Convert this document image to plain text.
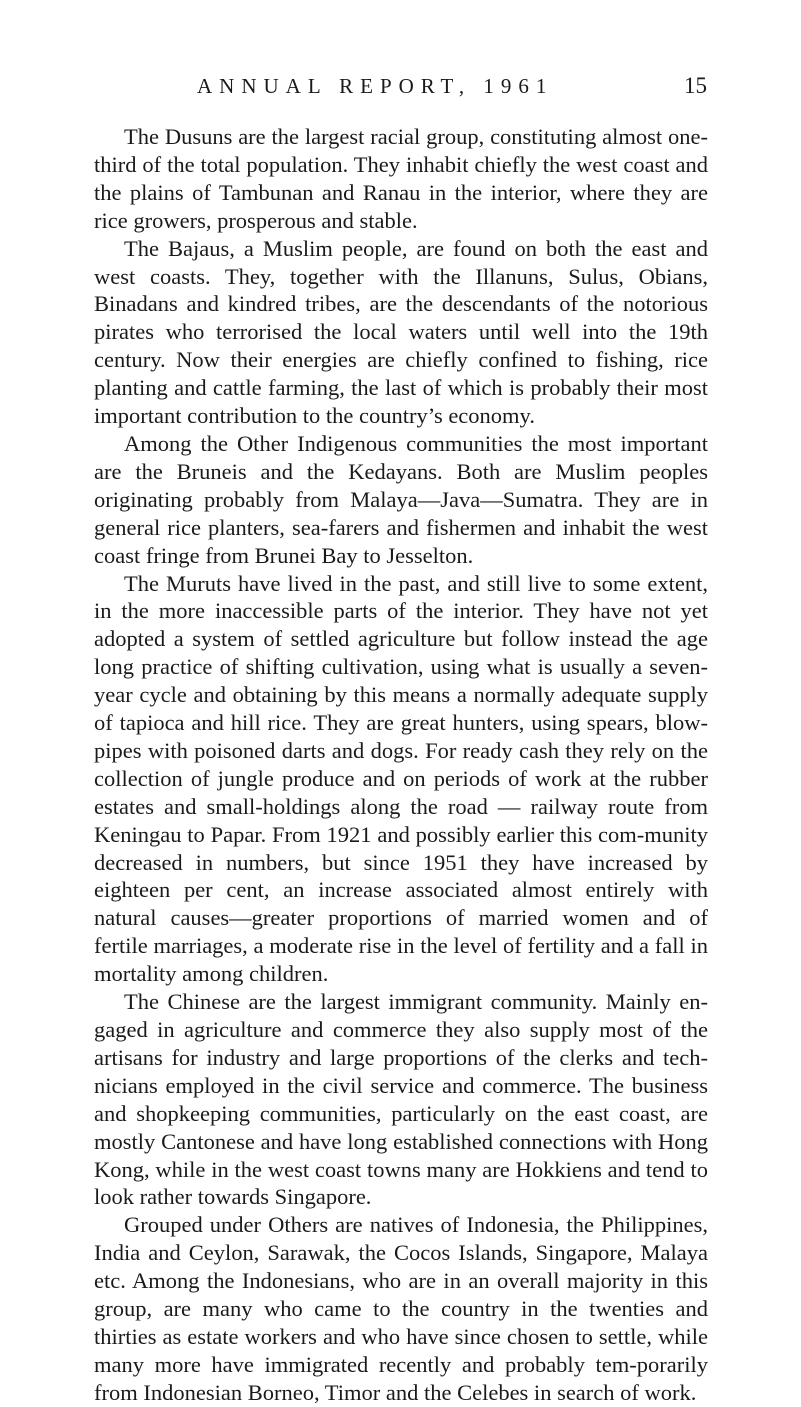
ANNUAL REPORT, 1961	15

The Dusuns are the largest racial group, constituting almost one-third of the total population. They inhabit chiefly the west coast and the plains of Tambunan and Ranau in the interior, where they are rice growers, prosperous and stable.

The Bajaus, a Muslim people, are found on both the east and west coasts. They, together with the Illanuns, Sulus, Obians, Binadans and kindred tribes, are the descendants of the notorious pirates who terrorised the local waters until well into the 19th century. Now their energies are chiefly confined to fishing, rice planting and cattle farming, the last of which is probably their most important contribution to the country’s economy.

Among the Other Indigenous communities the most important are the Bruneis and the Kedayans. Both are Muslim peoples originating probably from Malaya—Java—Sumatra. They are in general rice planters, sea-farers and fishermen and inhabit the west coast fringe from Brunei Bay to Jesselton.

The Muruts have lived in the past, and still live to some extent, in the more inaccessible parts of the interior. They have not yet adopted a system of settled agriculture but follow instead the age long practice of shifting cultivation, using what is usually a seven-year cycle and obtaining by this means a normally adequate supply of tapioca and hill rice. They are great hunters, using spears, blow-pipes with poisoned darts and dogs. For ready cash they rely on the collection of jungle produce and on periods of work at the rubber estates and small-holdings along the road — railway route from Keningau to Papar. From 1921 and possibly earlier this com-munity decreased in numbers, but since 1951 they have increased by eighteen per cent, an increase associated almost entirely with natural causes—greater proportions of married women and of fertile marriages, a moderate rise in the level of fertility and a fall in mortality among children.

The Chinese are the largest immigrant community. Mainly en-gaged in agriculture and commerce they also supply most of the artisans for industry and large proportions of the clerks and tech-nicians employed in the civil service and commerce. The business and shopkeeping communities, particularly on the east coast, are mostly Cantonese and have long established connections with Hong Kong, while in the west coast towns many are Hokkiens and tend to look rather towards Singapore.

Grouped under Others are natives of Indonesia, the Philippines, India and Ceylon, Sarawak, the Cocos Islands, Singapore, Malaya etc. Among the Indonesians, who are in an overall majority in this group, are many who came to the country in the twenties and thirties as estate workers and who have since chosen to settle, while many more have immigrated recently and probably tem-porarily from Indonesian Borneo, Timor and the Celebes in search of work.
